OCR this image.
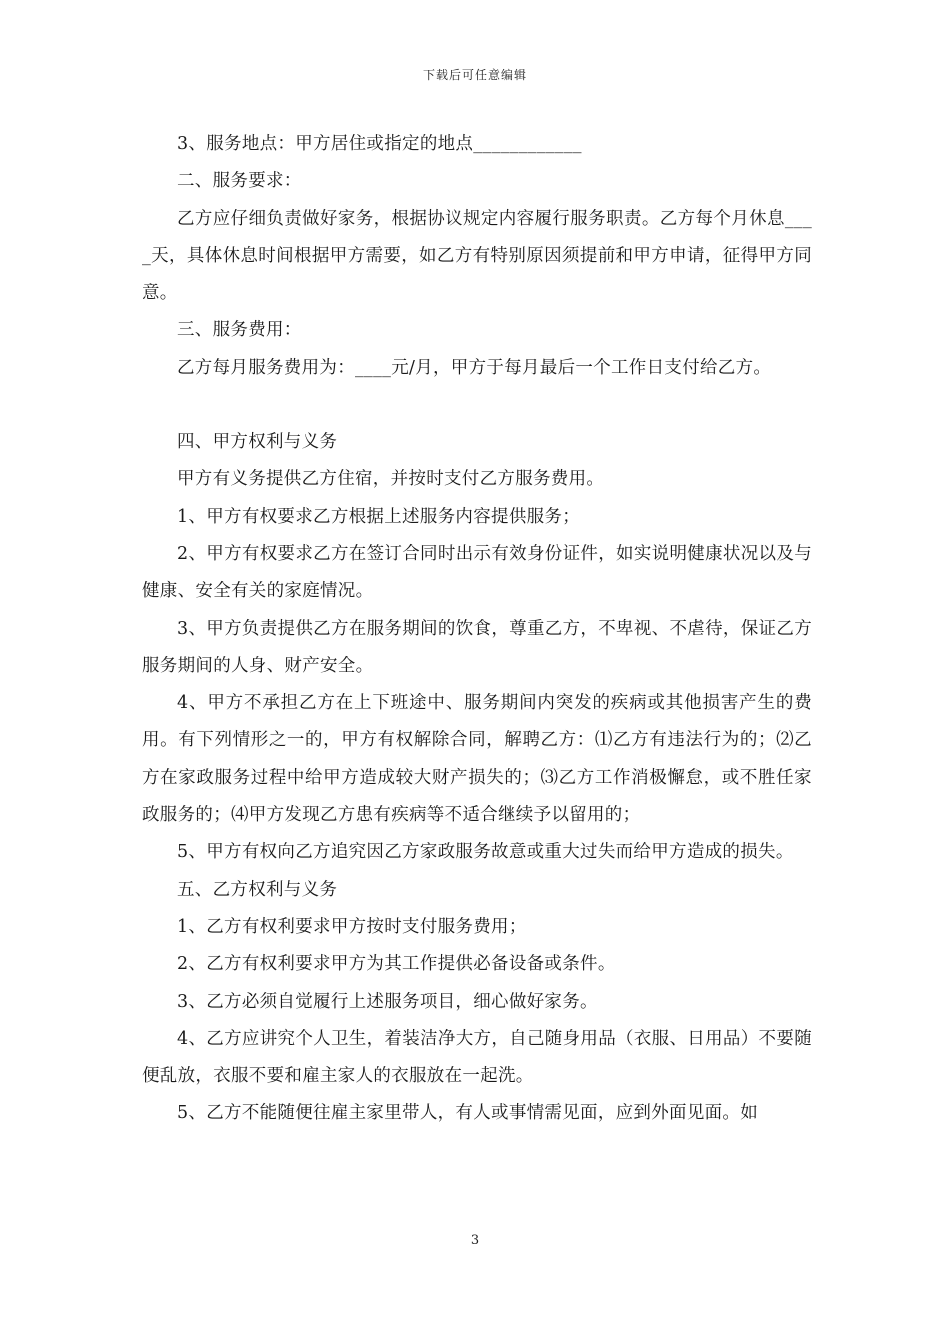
下载后可任意编辑

3、服务地点：甲方居住或指定的地点____________

二、服务要求：

乙方应仔细负责做好家务，根据协议规定内容履行服务职责。乙方每个月休息____天，具体休息时间根据甲方需要，如乙方有特别原因须提前和甲方申请，征得甲方同意。

三、服务费用：

乙方每月服务费用为：____元/月，甲方于每月最后一个工作日支付给乙方。

四、甲方权利与义务

甲方有义务提供乙方住宿，并按时支付乙方服务费用。

1、甲方有权要求乙方根据上述服务内容提供服务；

2、甲方有权要求乙方在签订合同时出示有效身份证件，如实说明健康状况以及与健康、安全有关的家庭情况。

3、甲方负责提供乙方在服务期间的饮食，尊重乙方，不卑视、不虐待，保证乙方服务期间的人身、财产安全。

4、甲方不承担乙方在上下班途中、服务期间内突发的疾病或其他损害产生的费用。有下列情形之一的，甲方有权解除合同，解聘乙方：⑴乙方有违法行为的；⑵乙方在家政服务过程中给甲方造成较大财产损失的；⑶乙方工作消极懈怠，或不胜任家政服务的；⑷甲方发现乙方患有疾病等不适合继续予以留用的；

5、甲方有权向乙方追究因乙方家政服务故意或重大过失而给甲方造成的损失。

五、乙方权利与义务

1、乙方有权利要求甲方按时支付服务费用；

2、乙方有权利要求甲方为其工作提供必备设备或条件。

3、乙方必须自觉履行上述服务项目，细心做好家务。

4、乙方应讲究个人卫生，着装洁净大方，自己随身用品（衣服、日用品）不要随便乱放，衣服不要和雇主家人的衣服放在一起洗。

5、乙方不能随便往雇主家里带人，有人或事情需见面，应到外面见面。如

3
